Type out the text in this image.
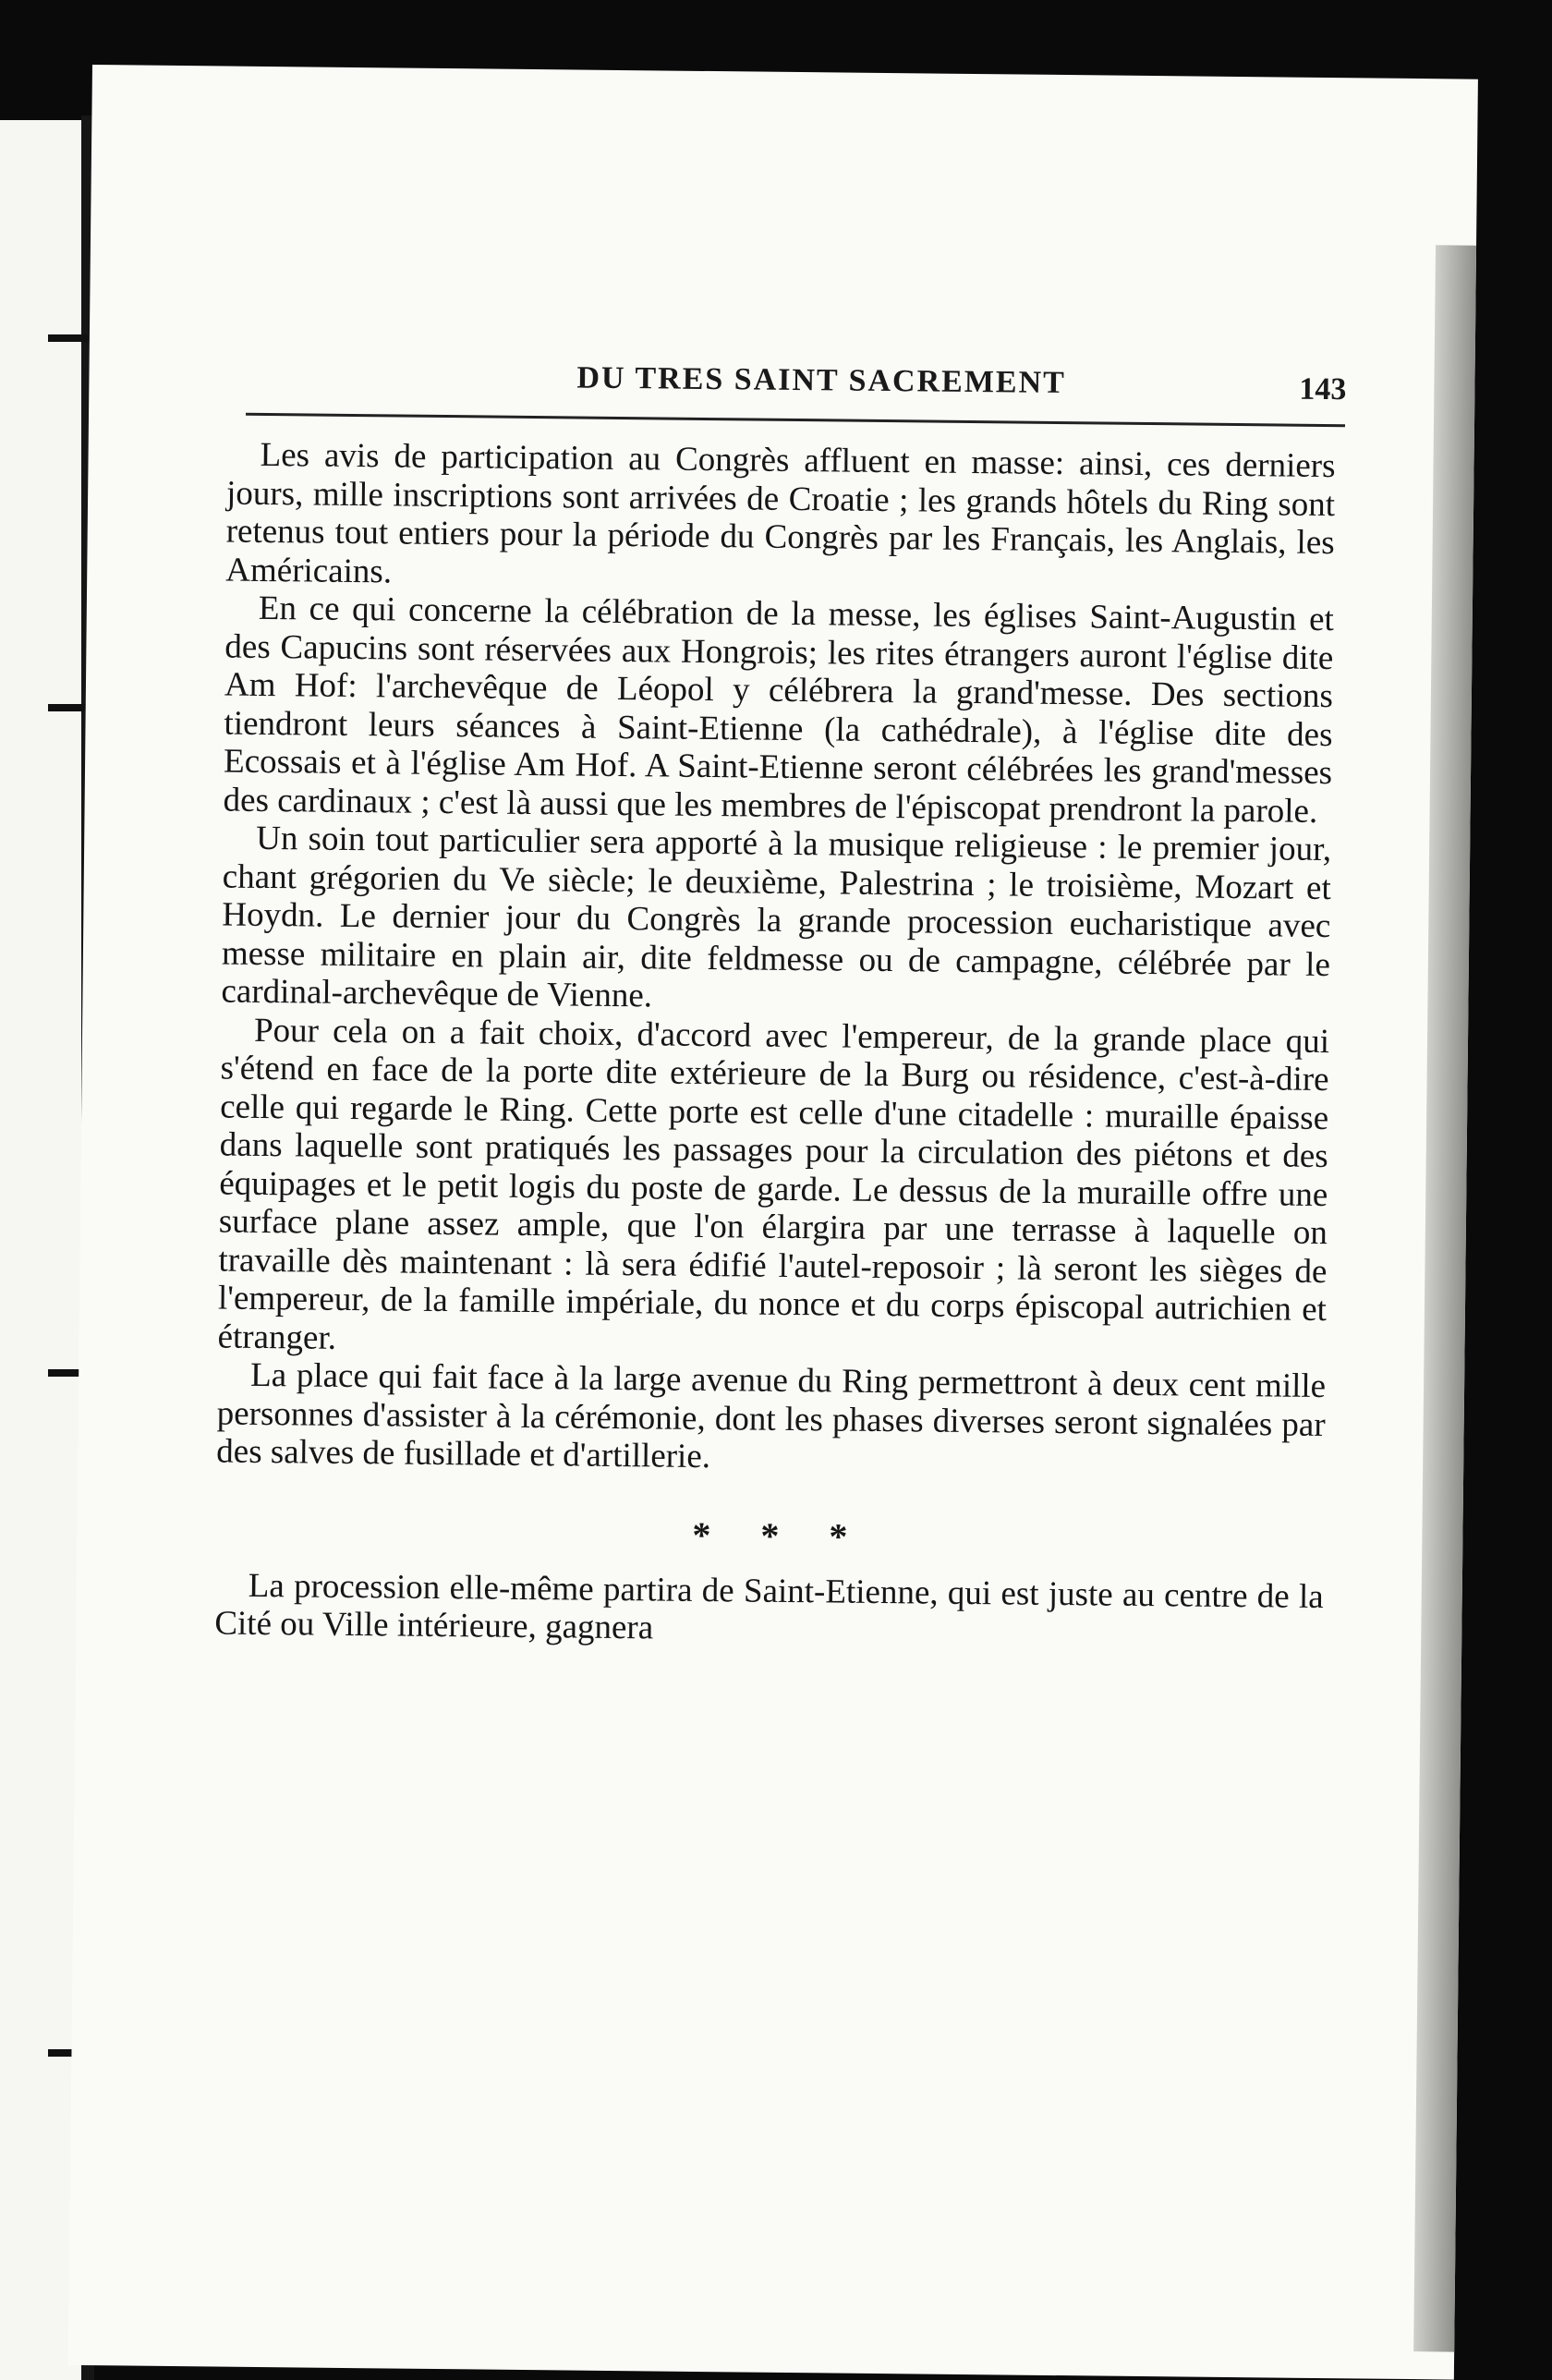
DU TRES SAINT SACREMENT	143

Les avis de participation au Congrès affluent en masse: ainsi, ces derniers jours, mille inscriptions sont arrivées de Croatie ; les grands hôtels du Ring sont retenus tout entiers pour la période du Congrès par les Français, les Anglais, les Américains.

En ce qui concerne la célébration de la messe, les églises Saint-Augustin et des Capucins sont réservées aux Hongrois; les rites étrangers auront l'église dite Am Hof: l'archevêque de Léopol y célébrera la grand'messe. Des sections tiendront leurs séances à Saint-Etienne (la cathédrale), à l'église dite des Ecossais et à l'église Am Hof. A Saint-Etienne seront célébrées les grand'messes des cardinaux ; c'est là aussi que les membres de l'épiscopat prendront la parole.

Un soin tout particulier sera apporté à la musique religieuse : le premier jour, chant grégorien du Ve siècle; le deuxième, Palestrina ; le troisième, Mozart et Hoydn. Le dernier jour du Congrès la grande procession eucharistique avec messe militaire en plain air, dite feldmesse ou de campagne, célébrée par le cardinal-archevêque de Vienne.

Pour cela on a fait choix, d'accord avec l'empereur, de la grande place qui s'étend en face de la porte dite extérieure de la Burg ou résidence, c'est-à-dire celle qui regarde le Ring. Cette porte est celle d'une citadelle : muraille épaisse dans laquelle sont pratiqués les passages pour la circulation des piétons et des équipages et le petit logis du poste de garde. Le dessus de la muraille offre une surface plane assez ample, que l'on élargira par une terrasse à laquelle on travaille dès maintenant : là sera édifié l'autel-reposoir ; là seront les sièges de l'empereur, de la famille impériale, du nonce et du corps épiscopal autrichien et étranger.

La place qui fait face à la large avenue du Ring permettront à deux cent mille personnes d'assister à la cérémonie, dont les phases diverses seront signalées par des salves de fusillade et d'artillerie.

* * *

La procession elle-même partira de Saint-Etienne, qui est juste au centre de la Cité ou Ville intérieure, gagnera
